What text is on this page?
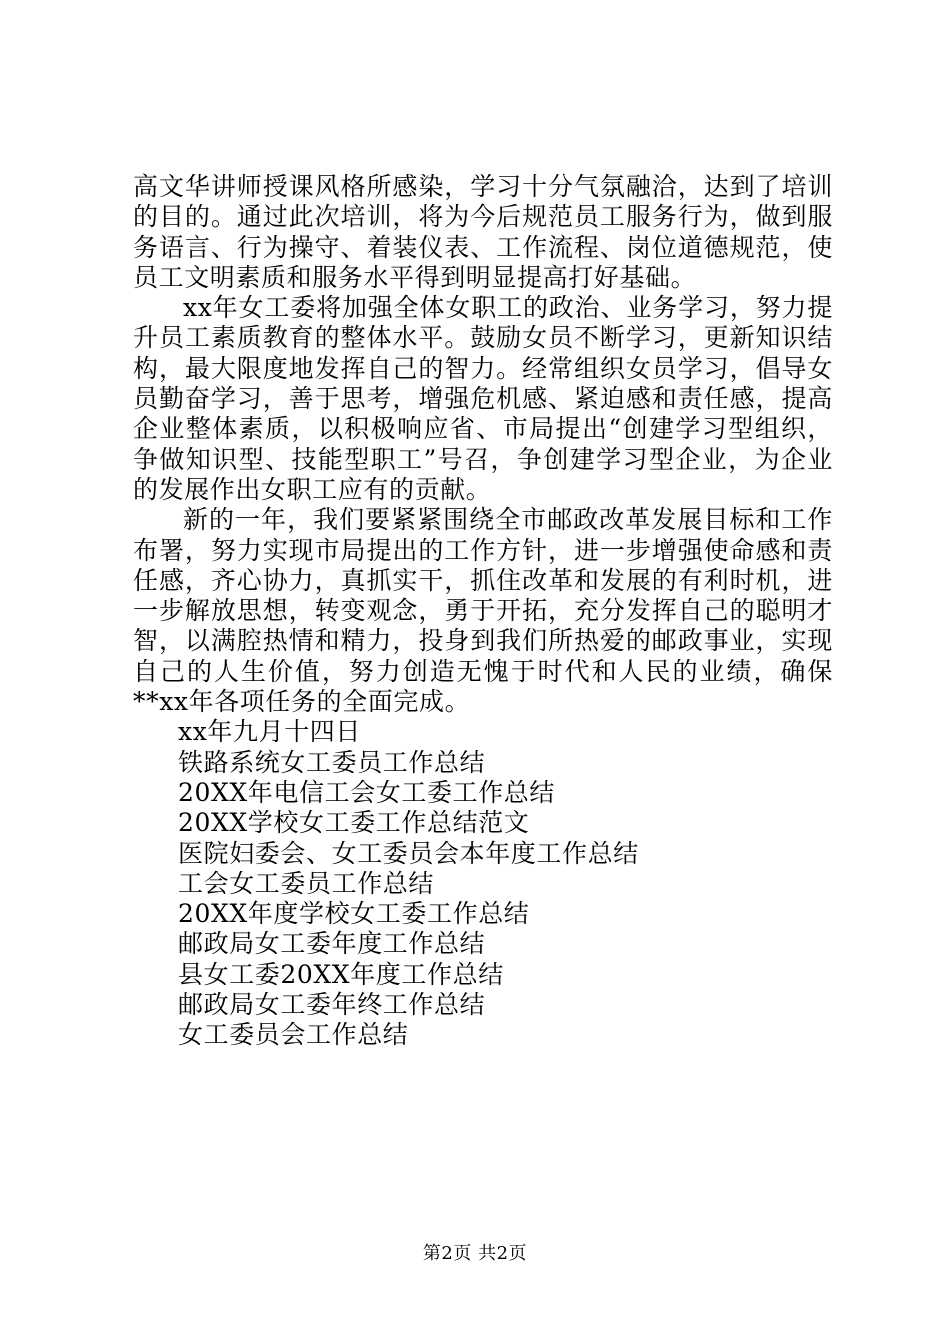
高文华讲师授课风格所感染，学习十分气氛融洽，达到了培训的目的。通过此次培训，将为今后规范员工服务行为，做到服务语言、行为操守、着装仪表、工作流程、岗位道德规范，使员工文明素质和服务水平得到明显提高打好基础。

xx年女工委将加强全体女职工的政治、业务学习，努力提升员工素质教育的整体水平。鼓励女员不断学习，更新知识结构，最大限度地发挥自己的智力。经常组织女员学习，倡导女员勤奋学习，善于思考，增强危机感、紧迫感和责任感，提高企业整体素质，以积极响应省、市局提出“创建学习型组织，争做知识型、技能型职工”号召，争创建学习型企业，为企业的发展作出女职工应有的贡献。

新的一年，我们要紧紧围绕全市邮政改革发展目标和工作布署，努力实现市局提出的工作方针，进一步增强使命感和责任感，齐心协力，真抓实干，抓住改革和发展的有利时机，进一步解放思想，转变观念，勇于开拓，充分发挥自己的聪明才智，以满腔热情和精力，投身到我们所热爱的邮政事业，实现自己的人生价值，努力创造无愧于时代和人民的业绩，确保**xx年各项任务的全面完成。

xx年九月十四日

铁路系统女工委员工作总结

20XX年电信工会女工委工作总结

20XX学校女工委工作总结范文

医院妇委会、女工委员会本年度工作总结

工会女工委员工作总结

20XX年度学校女工委工作总结

邮政局女工委年度工作总结

县女工委20XX年度工作总结

邮政局女工委年终工作总结

女工委员会工作总结

第2页 共2页
